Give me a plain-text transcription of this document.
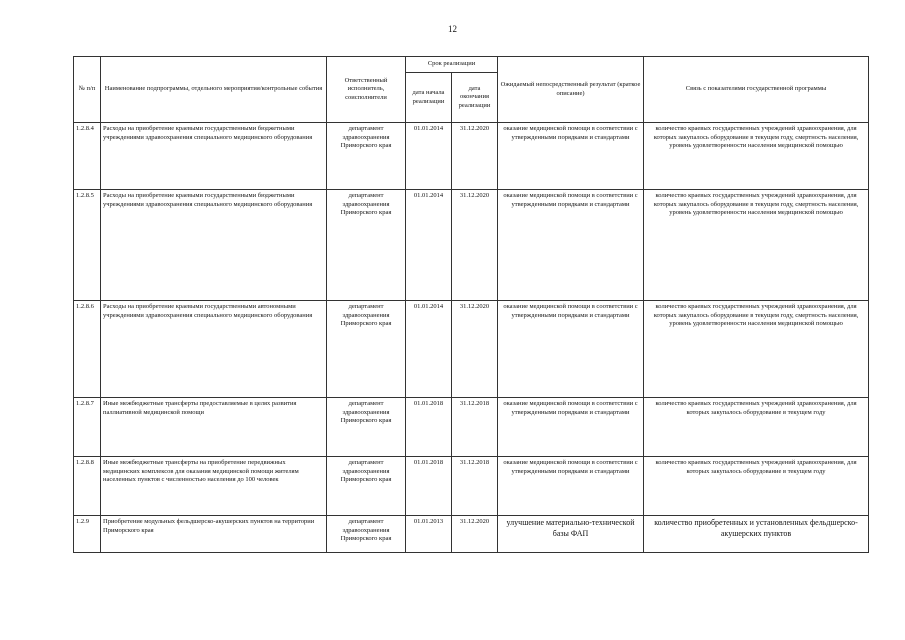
12
№ п/п	Наименование подпрограммы, отдельного мероприятия/контрольные события	Ответственный исполнитель, соисполнители	Срок реализации		Ожидаемый непосредственный результат (краткое описание)	Связь с показателями государственной программы
			дата начала реализации	дата окончания реализации		
1.2.8.4	Расходы на приобретение краевыми государственными бюджетными учреждениями здравоохранения специального медицинского оборудования	департамент здравоохранения Приморского края	01.01.2014	31.12.2020	оказание медицинской помощи в соответствии с утвержденными порядками и стандартами	количество краевых государственных учреждений здравоохранения, для которых закупалось оборудование в текущем году, смертность населения, уровень удовлетворенности населения медицинской помощью
1.2.8.5	Расходы на приобретение краевыми государственными бюджетными учреждениями здравоохранения специального медицинского оборудования	департамент здравоохранения Приморского края	01.01.2014	31.12.2020	оказание медицинской помощи в соответствии с утвержденными порядками и стандартами	количество краевых государственных учреждений здравоохранения, для которых закупалось оборудование в текущем году, смертность населения, уровень удовлетворенности населения медицинской помощью
1.2.8.6	Расходы на приобретение краевыми государственными автономными учреждениями здравоохранения специального медицинского оборудования	департамент здравоохранения Приморского края	01.01.2014	31.12.2020	оказание медицинской помощи в соответствии с утвержденными порядками и стандартами	количество краевых государственных учреждений здравоохранения, для которых закупалось оборудование в текущем году, смертность населения, уровень удовлетворенности населения медицинской помощью
1.2.8.7	Иные межбюджетные трансферты предоставляемые в целях развития паллиативной медицинской помощи	департамент здравоохранения Приморского края	01.01.2018	31.12.2018	оказание медицинской помощи в соответствии с утвержденными порядками и стандартами	количество краевых государственных учреждений здравоохранения, для которых закупалось оборудование в текущем году
1.2.8.8	Иные межбюджетные трансферты на приобретение передвижных медицинских комплексов для оказания медицинской помощи жителям населенных пунктов с численностью населения до 100 человек	департамент здравоохранения Приморского края	01.01.2018	31.12.2018	оказание медицинской помощи в соответствии с утвержденными порядками и стандартами	количество краевых государственных учреждений здравоохранения, для которых закупалось оборудование в текущем году
1.2.9	Приобретение модульных фельдшерско-акушерских пунктов на территории Приморского края	департамент здравоохранения Приморского края	01.01.2013	31.12.2020	улучшение материально-технической базы ФАП	количество приобретенных и установленных фельдшерско-акушерских пунктов
